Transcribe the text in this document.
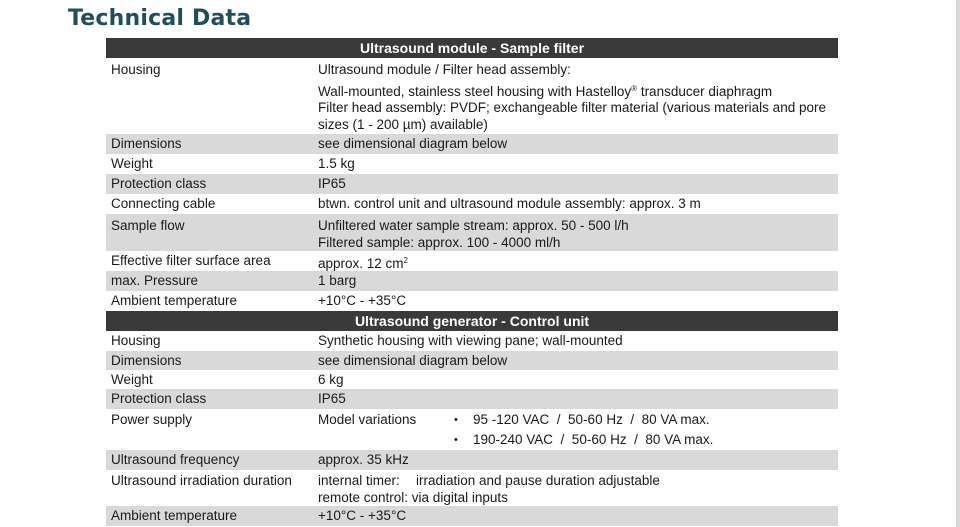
Technical Data
Ultrasound module - Sample filter
Housing	Ultrasound module / Filter head assembly:

Wall-mounted, stainless steel housing with Hastelloy® transducer diaphragm

Filter head assembly: PVDF; exchangeable filter material (various materials and pore

sizes (1 - 200 µm) available)

Dimensions	see dimensional diagram below
Weight	1.5 kg
Protection class	IP65
Connecting cable	btwn. control unit and ultrasound module assembly: approx. 3 m
Sample flow	Unfiltered water sample stream: approx. 50 - 500 l/h

Filtered sample: approx. 100 - 4000 ml/h

Effective filter surface area	approx. 12 $cm^2$
max. Pressure	1 barg
Ambient temperature	+10°C - +35°C
Ultrasound generator - Control unit
Housing	Synthetic housing with viewing pane; wall-mounted
Dimensions	see dimensional diagram below
Weight	6 kg
Protection class	IP65
Power supply	Model variations	•	95 -120 VAC  /  50-60 Hz  /  80 VA max.
•	190-240 VAC  /  50-60 Hz  /  80 VA max.
Ultrasound frequency	approx. 35 kHz
Ultrasound irradiation duration	internal timer:	irradiation and pause duration adjustable
remote control: via digital inputs
Ambient temperature	+10°C - +35°C
